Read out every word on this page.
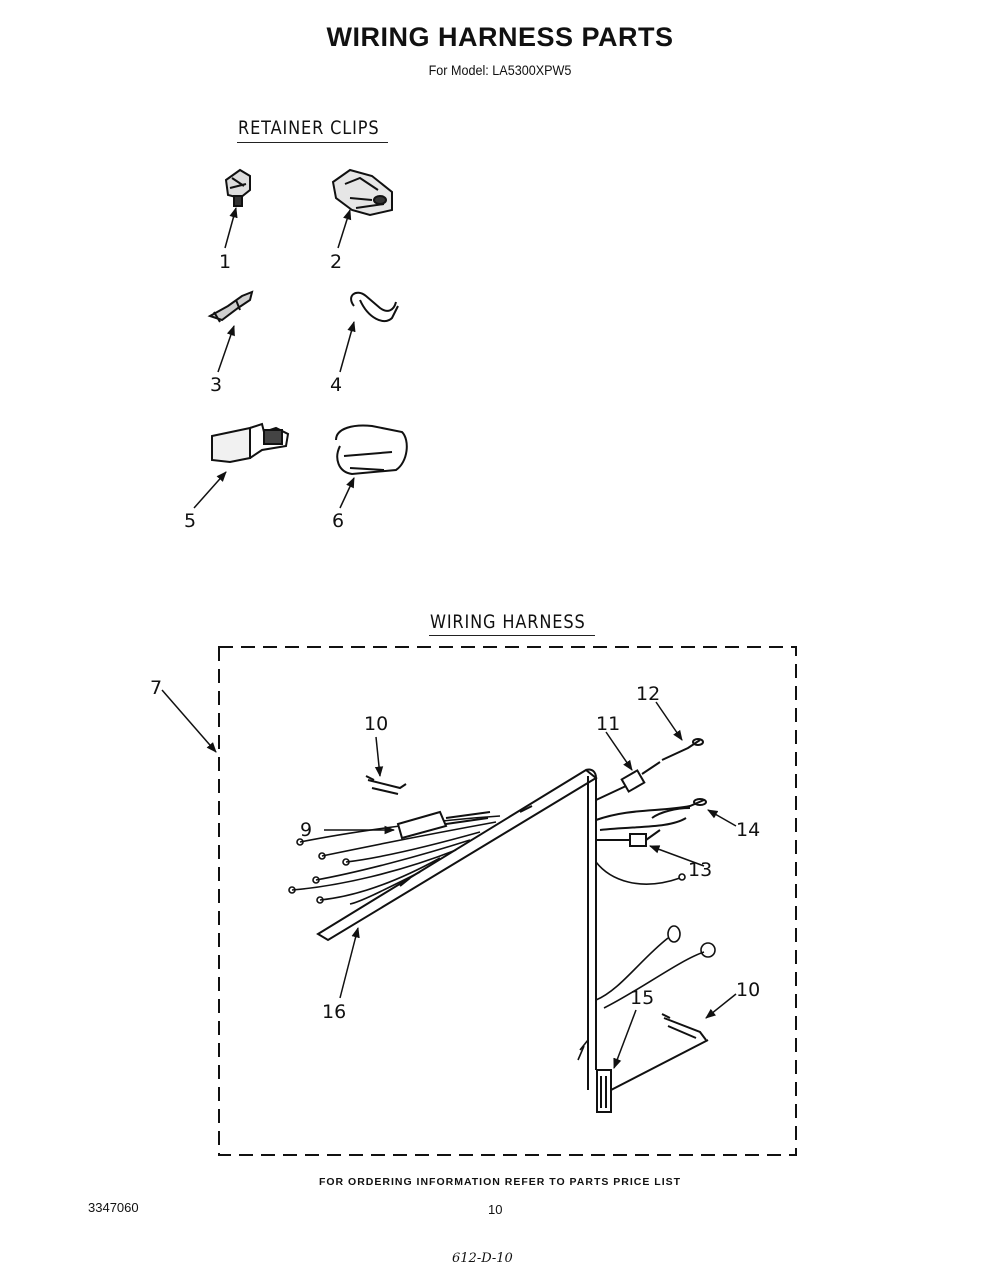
WIRING HARNESS PARTS
For Model: LA5300XPW5
RETAINER CLIPS
WIRING HARNESS
1	2
3	4
5	6
7
9
10	11
12
13
14
15	10
16
FOR ORDERING INFORMATION REFER TO PARTS PRICE LIST
3347060	10
612-D-10
